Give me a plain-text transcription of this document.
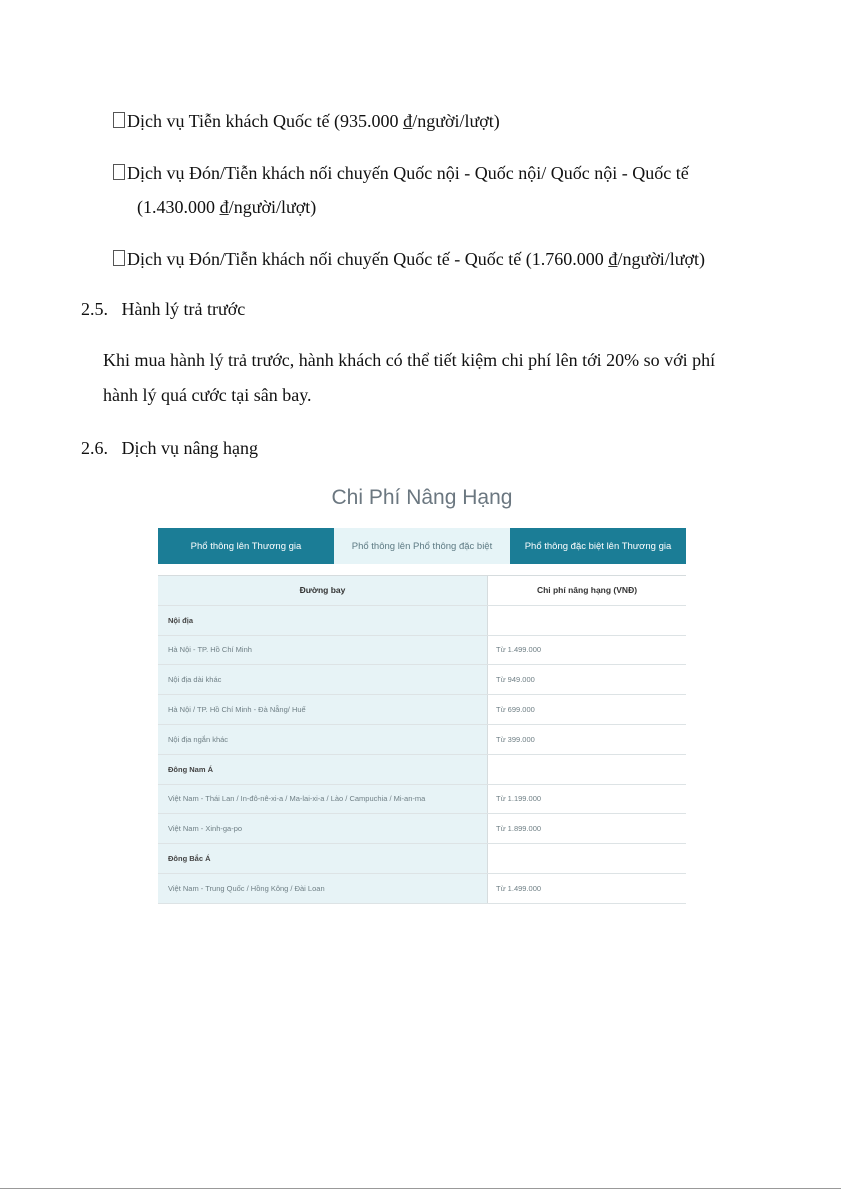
Dịch vụ Tiễn khách Quốc tế (935.000 ₫/người/lượt)
Dịch vụ Đón/Tiễn khách nối chuyến Quốc nội - Quốc nội/ Quốc nội - Quốc tế
(1.430.000 ₫/người/lượt)
Dịch vụ Đón/Tiễn khách nối chuyến Quốc tế - Quốc tế (1.760.000 ₫/người/lượt)
2.5. Hành lý trả trước
Khi mua hành lý trả trước, hành khách có thể tiết kiệm chi phí lên tới 20% so với phí
hành lý quá cước tại sân bay.
2.6. Dịch vụ nâng hạng
Chi Phí Nâng Hạng
Phổ thông lên Thương gia	Phổ thông lên Phổ thông đặc biệt	Phổ thông đặc biệt lên Thương gia
Đường bay	Chi phí nâng hạng (VNĐ)
Nội địa
Hà Nội - TP. Hồ Chí Minh	Từ 1.499.000
Nội địa dài khác	Từ 949.000
Hà Nội / TP. Hồ Chí Minh - Đà Nẵng/ Huế	Từ 699.000
Nội địa ngắn khác	Từ 399.000
Đông Nam Á
Việt Nam - Thái Lan / In-đô-nê-xi-a / Ma-lai-xi-a / Lào / Campuchia / Mi-an-ma	Từ 1.199.000
Việt Nam - Xinh-ga-po	Từ 1.899.000
Đông Bắc Á
Việt Nam - Trung Quốc / Hồng Kông / Đài Loan	Từ 1.499.000
